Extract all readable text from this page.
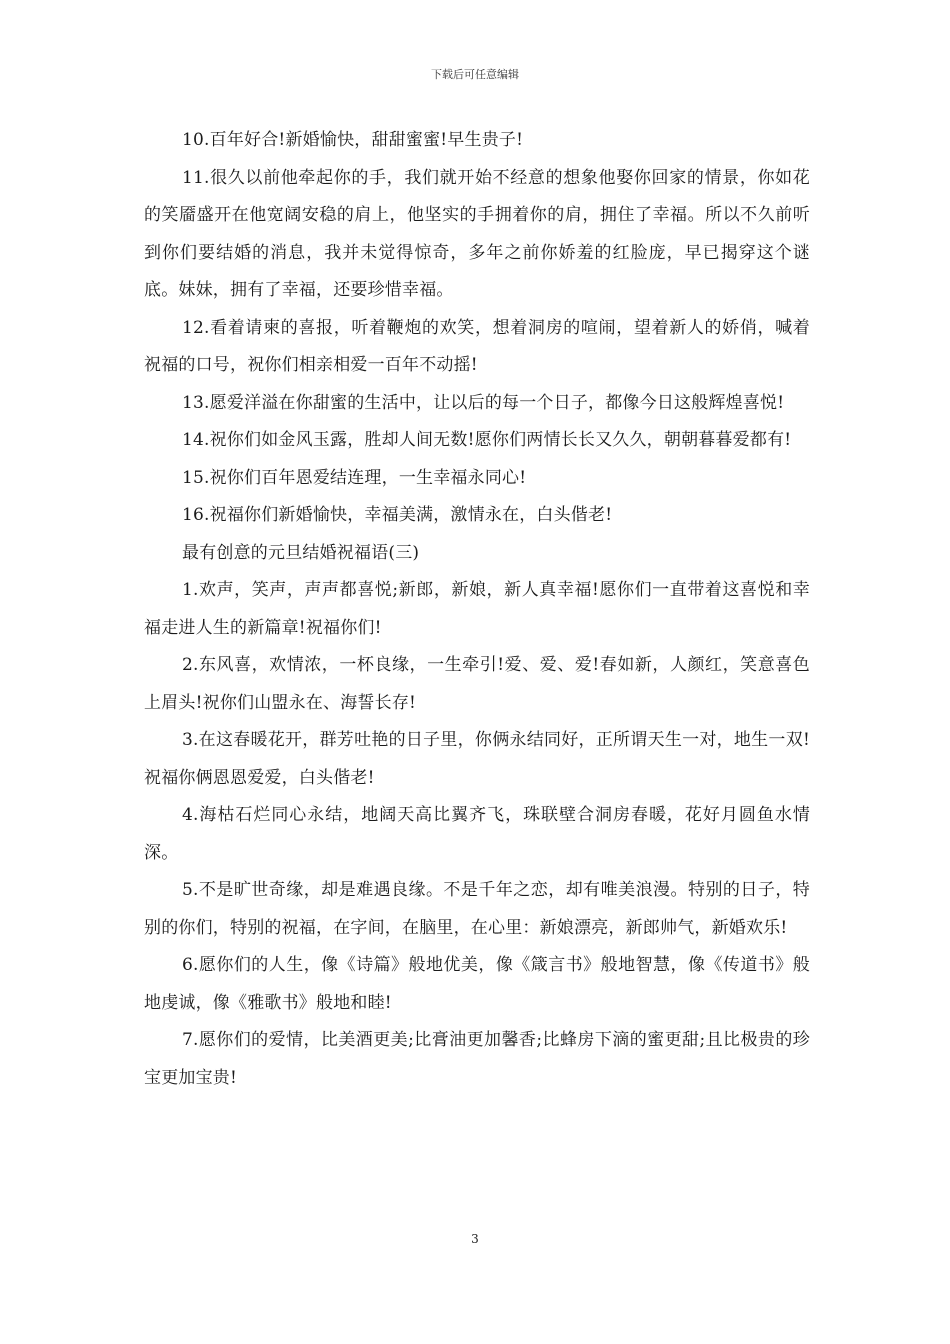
下载后可任意编辑

10.百年好合!新婚愉快，甜甜蜜蜜!早生贵子!

11.很久以前他牵起你的手，我们就开始不经意的想象他娶你回家的情景，你如花的笑靥盛开在他宽阔安稳的肩上，他坚实的手拥着你的肩，拥住了幸福。所以不久前听到你们要结婚的消息，我并未觉得惊奇，多年之前你娇羞的红脸庞，早已揭穿这个谜底。妹妹，拥有了幸福，还要珍惜幸福。

12.看着请柬的喜报，听着鞭炮的欢笑，想着洞房的喧闹，望着新人的娇俏，喊着祝福的口号，祝你们相亲相爱一百年不动摇!

13.愿爱洋溢在你甜蜜的生活中，让以后的每一个日子，都像今日这般辉煌喜悦!

14.祝你们如金风玉露，胜却人间无数!愿你们两情长长又久久，朝朝暮暮爱都有!

15.祝你们百年恩爱结连理，一生幸福永同心!

16.祝福你们新婚愉快，幸福美满，激情永在，白头偕老!

最有创意的元旦结婚祝福语(三)

1.欢声，笑声，声声都喜悦;新郎，新娘，新人真幸福!愿你们一直带着这喜悦和幸福走进人生的新篇章!祝福你们!

2.东风喜，欢情浓，一杯良缘，一生牵引!爱、爱、爱!春如新，人颜红，笑意喜色上眉头!祝你们山盟永在、海誓长存!

3.在这春暖花开，群芳吐艳的日子里，你俩永结同好，正所谓天生一对，地生一双!祝福你俩恩恩爱爱，白头偕老!

4.海枯石烂同心永结，地阔天高比翼齐飞，珠联壁合洞房春暖，花好月圆鱼水情深。

5.不是旷世奇缘，却是难遇良缘。不是千年之恋，却有唯美浪漫。特别的日子，特别的你们，特别的祝福，在字间，在脑里，在心里：新娘漂亮，新郎帅气，新婚欢乐!

6.愿你们的人生，像《诗篇》般地优美，像《箴言书》般地智慧，像《传道书》般地虔诚，像《雅歌书》般地和睦!

7.愿你们的爱情，比美酒更美;比膏油更加馨香;比蜂房下滴的蜜更甜;且比极贵的珍宝更加宝贵!

3
